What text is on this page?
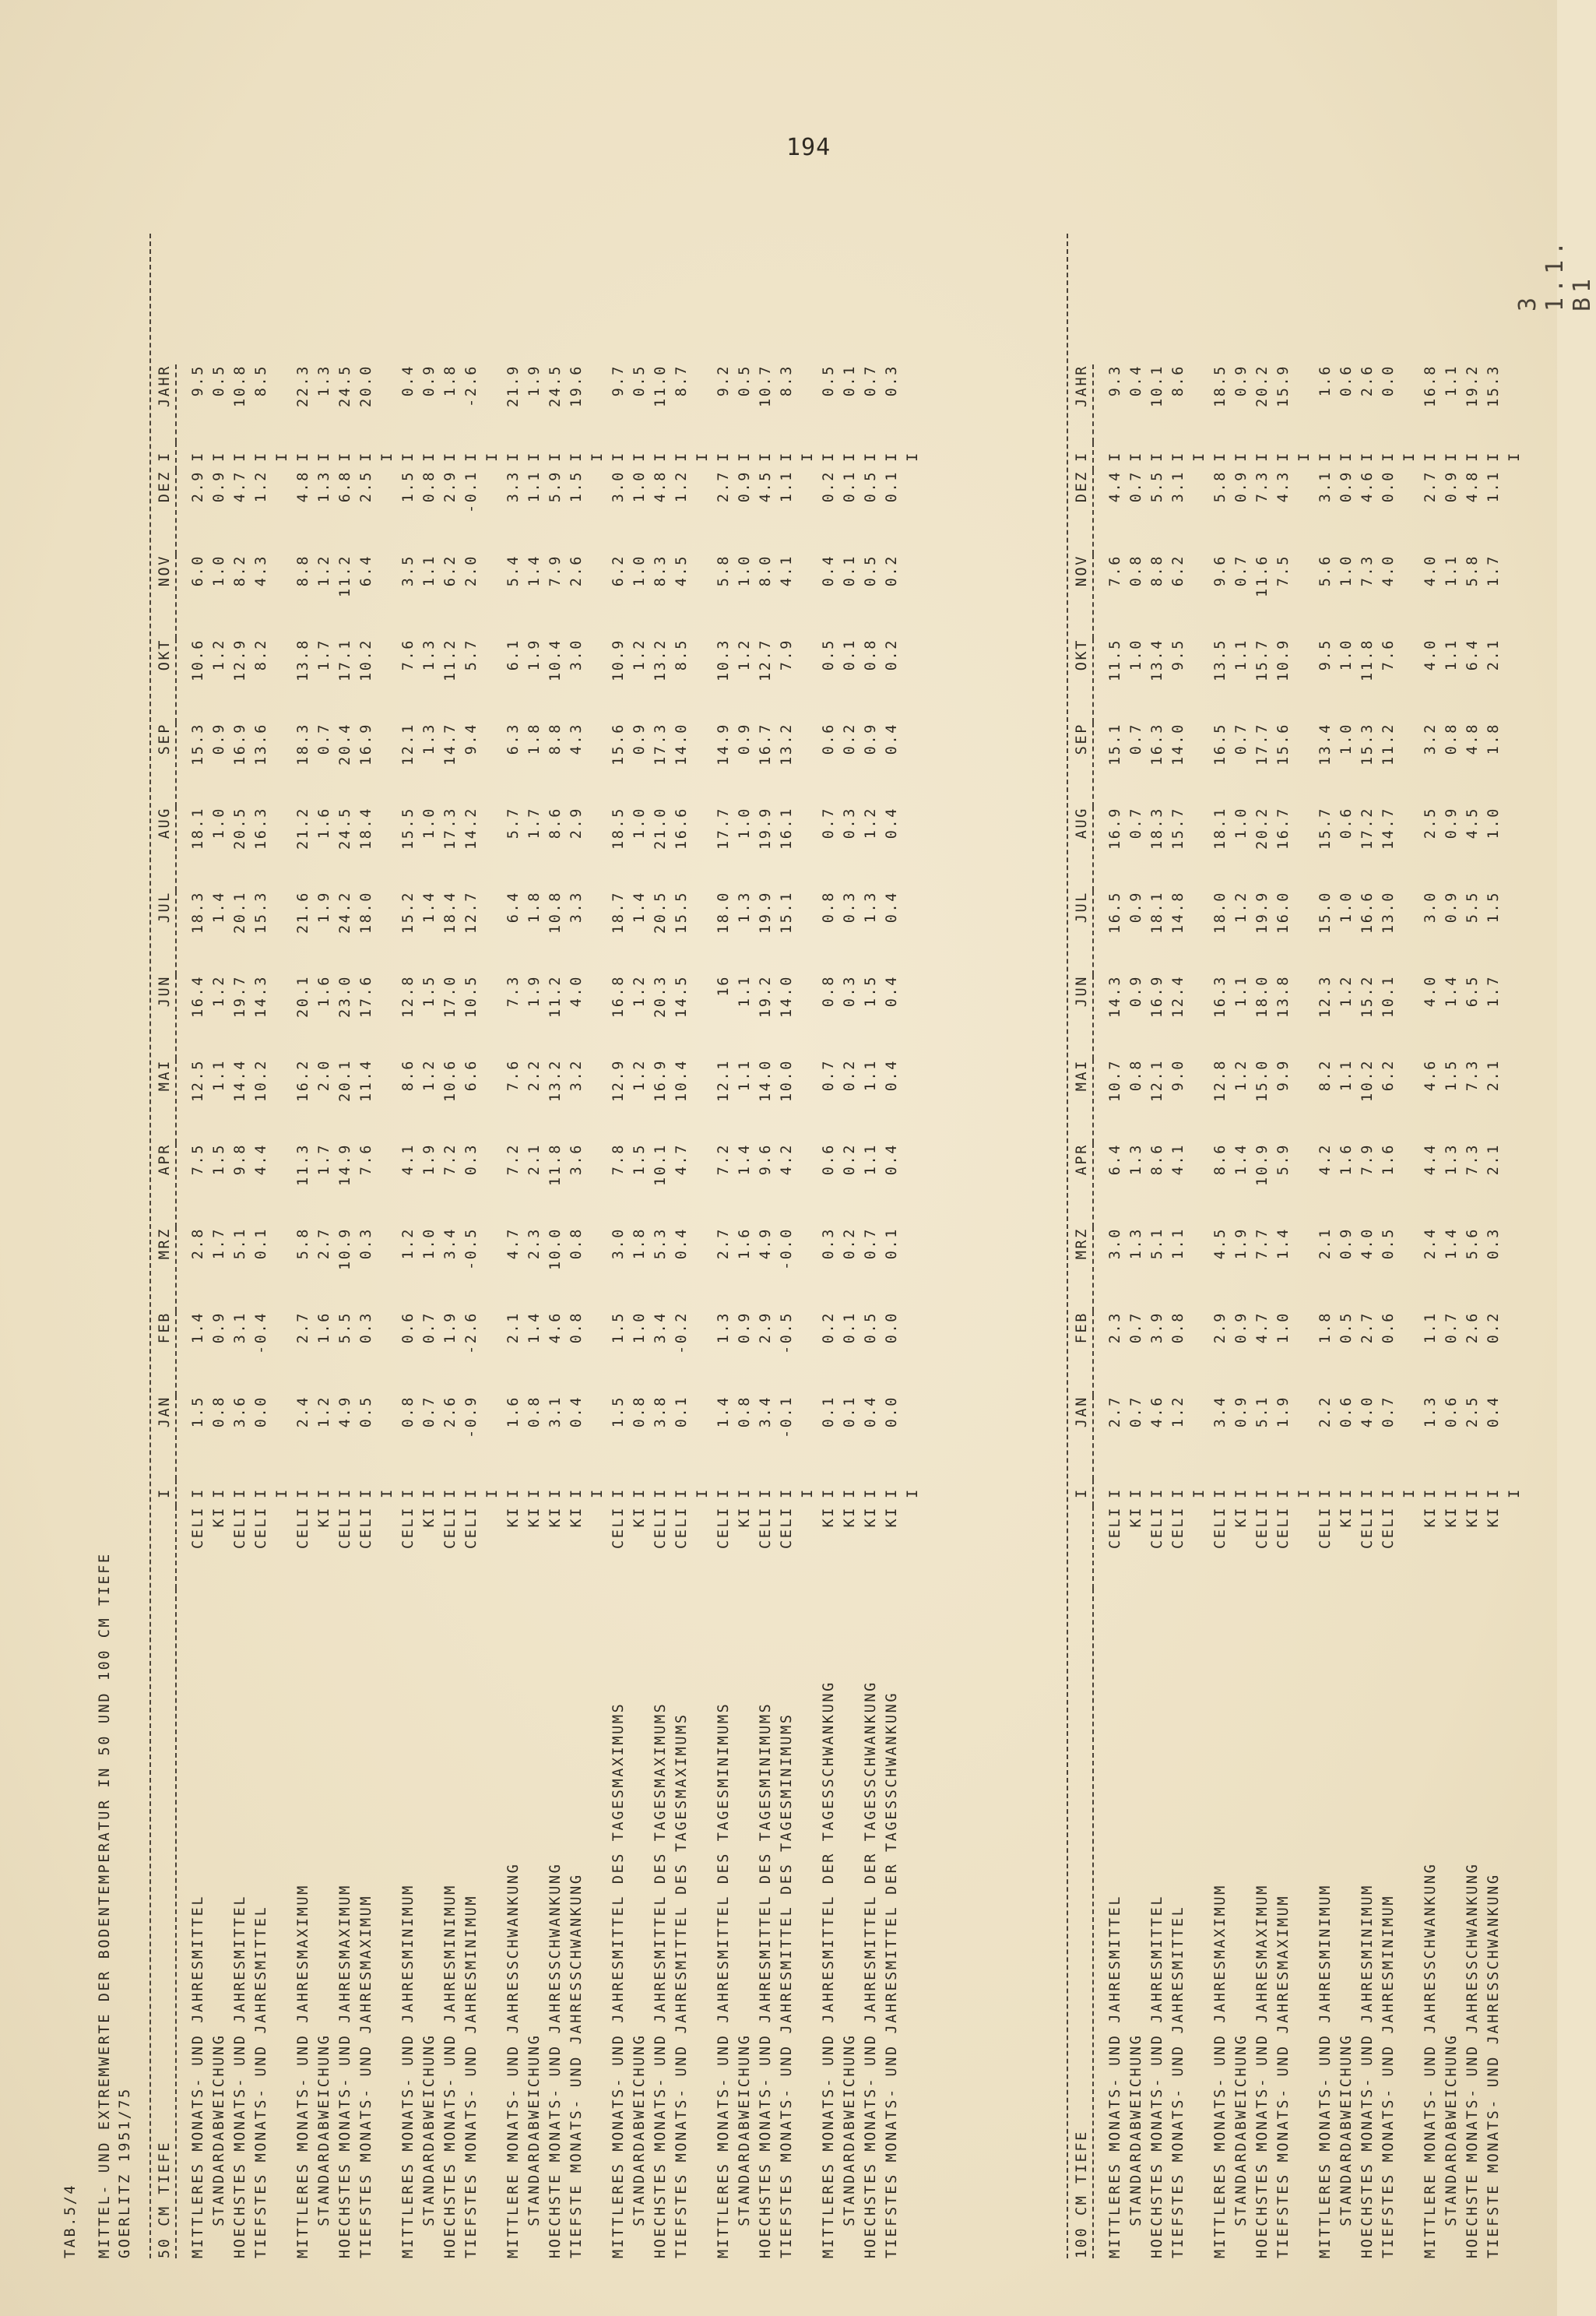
194
3 1.1. B1
TAB.5/4 MITTEL- UND EXTREMWERTE DER BODENTEMPERATUR IN 50 UND 100 CM TIEFE GOERLITZ 1951/75 50 CM TIEFE		I	JAN	FEB	MRZ	APR	MAI	JUN	JUL	AUG	SEP	OKT	NOV	DEZ	I	JAHR

MITTLERES MONATS- UND JAHRESMITTEL	CELI	I	1.5	1.4	2.8	7.5	12.5	16.4	18.3	18.1	15.3	10.6	6.0	2.9	I	9.5
STANDARDABWEICHUNG	KI	I	0.8	0.9	1.7	1.5	1.1	1.2	1.4	1.0	0.9	1.2	1.0	0.9	I	0.5
HOECHSTES MONATS- UND JAHRESMITTEL	CELI	I	3.6	3.1	5.1	9.8	14.4	19.7	20.1	20.5	16.9	12.9	8.2	4.7	I	10.8
TIEFSTES MONATS- UND JAHRESMITTEL	CELI	I	0.0	-0.4	0.1	4.4	10.2	14.3	15.3	16.3	13.6	8.2	4.3	1.2	I	8.5
		I													I	
MITTLERES MONATS- UND JAHRESMAXIMUM	CELI	I	2.4	2.7	5.8	11.3	16.2	20.1	21.6	21.2	18.3	13.8	8.8	4.8	I	22.3
STANDARDABWEICHUNG	KI	I	1.2	1.6	2.7	1.7	2.0	1.6	1.9	1.6	0.7	1.7	1.2	1.3	I	1.3
HOECHSTES MONATS- UND JAHRESMAXIMUM	CELI	I	4.9	5.5	10.9	14.9	20.1	23.0	24.2	24.5	20.4	17.1	11.2	6.8	I	24.5
TIEFSTES MONATS- UND JAHRESMAXIMUM	CELI	I	0.5	0.3	0.3	7.6	11.4	17.6	18.0	18.4	16.9	10.2	6.4	2.5	I	20.0
		I													I	
MITTLERES MONATS- UND JAHRESMINIMUM	CELI	I	0.8	0.6	1.2	4.1	8.6	12.8	15.2	15.5	12.1	7.6	3.5	1.5	I	0.4
STANDARDABWEICHUNG	KI	I	0.7	0.7	1.0	1.9	1.2	1.5	1.4	1.0	1.3	1.3	1.1	0.8	I	0.9
HOECHSTES MONATS- UND JAHRESMINIMUM	CELI	I	2.6	1.9	3.4	7.2	10.6	17.0	18.4	17.3	14.7	11.2	6.2	2.9	I	1.8
TIEFSTES MONATS- UND JAHRESMINIMUM	CELI	I	-0.9	-2.6	-0.5	0.3	6.6	10.5	12.7	14.2	9.4	5.7	2.0	-0.1	I	-2.6
		I													I	
MITTLERE MONATS- UND JAHRESSCHWANKUNG	KI	I	1.6	2.1	4.7	7.2	7.6	7.3	6.4	5.7	6.3	6.1	5.4	3.3	I	21.9
STANDARDABWEICHUNG	KI	I	0.8	1.4	2.3	2.1	2.2	1.9	1.8	1.7	1.8	1.9	1.4	1.1	I	1.9
HOECHSTE MONATS- UND JAHRESSCHWANKUNG	KI	I	3.1	4.6	10.0	11.8	13.2	11.2	10.8	8.6	8.8	10.4	7.9	5.9	I	24.5
TIEFSTE MONATS- UND JAHRESSCHWANKUNG	KI	I	0.4	0.8	0.8	3.6	3.2	4.0	3.3	2.9	4.3	3.0	2.6	1.5	I	19.6
		I													I	
MITTLERES MONATS- UND JAHRESMITTEL DES TAGESMAXIMUMS	CELI	I	1.5	1.5	3.0	7.8	12.9	16.8	18.7	18.5	15.6	10.9	6.2	3.0	I	9.7
STANDARDABWEICHUNG	KI	I	0.8	1.0	1.8	1.5	1.2	1.2	1.4	1.0	0.9	1.2	1.0	1.0	I	0.5
HOECHSTES MONATS- UND JAHRESMITTEL DES TAGESMAXIMUMS	CELI	I	3.8	3.4	5.3	10.1	16.9	20.3	20.5	21.0	17.3	13.2	8.3	4.8	I	11.0
TIEFSTES MONATS- UND JAHRESMITTEL DES TAGESMAXIMUMS	CELI	I	0.1	-0.2	0.4	4.7	10.4	14.5	15.5	16.6	14.0	8.5	4.5	1.2	I	8.7
		I													I	
MITTLERES MONATS- UND JAHRESMITTEL DES TAGESMINIMUMS	CELI	I	1.4	1.3	2.7	7.2	12.1	16	18.0	17.7	14.9	10.3	5.8	2.7	I	9.2
STANDARDABWEICHUNG	KI	I	0.8	0.9	1.6	1.4	1.1	1.1	1.3	1.0	0.9	1.2	1.0	0.9	I	0.5
HOECHSTES MONATS- UND JAHRESMITTEL DES TAGESMINIMUMS	CELI	I	3.4	2.9	4.9	9.6	14.0	19.2	19.9	19.9	16.7	12.7	8.0	4.5	I	10.7
TIEFSTES MONATS- UND JAHRESMITTEL DES TAGESMINIMUMS	CELI	I	-0.1	-0.5	-0.0	4.2	10.0	14.0	15.1	16.1	13.2	7.9	4.1	1.1	I	8.3
		I													I	
MITTLERES MONATS- UND JAHRESMITTEL DER TAGESSCHWANKUNG	KI	I	0.1	0.2	0.3	0.6	0.7	0.8	0.8	0.7	0.6	0.5	0.4	0.2	I	0.5
STANDARDABWEICHUNG	KI	I	0.1	0.1	0.2	0.2	0.2	0.3	0.3	0.3	0.2	0.1	0.1	0.1	I	0.1
HOECHSTES MONATS- UND JAHRESMITTEL DER TAGESSCHWANKUNG	KI	I	0.4	0.5	0.7	1.1	1.1	1.5	1.3	1.2	0.9	0.8	0.5	0.5	I	0.7
TIEFSTES MONATS- UND JAHRESMITTEL DER TAGESSCHWANKUNG	KI	I	0.0	0.0	0.1	0.4	0.4	0.4	0.4	0.4	0.4	0.2	0.2	0.1	I	0.3
		I													I	
100 CM TIEFE		I	JAN	FEB	MRZ	APR	MAI	JUN	JUL	AUG	SEP	OKT	NOV	DEZ	I	JAHR

MITTLERES MONATS- UND JAHRESMITTEL	CELI	I	2.7	2.3	3.0	6.4	10.7	14.3	16.5	16.9	15.1	11.5	7.6	4.4	I	9.3
STANDARDABWEICHUNG	KI	I	0.7	0.7	1.3	1.3	0.8	0.9	0.9	0.7	0.7	1.0	0.8	0.7	I	0.4
HOECHSTES MONATS- UND JAHRESMITTEL	CELI	I	4.6	3.9	5.1	8.6	12.1	16.9	18.1	18.3	16.3	13.4	8.8	5.5	I	10.1
TIEFSTES MONATS- UND JAHRESMITTEL	CELI	I	1.2	0.8	1.1	4.1	9.0	12.4	14.8	15.7	14.0	9.5	6.2	3.1	I	8.6
		I													I	
MITTLERES MONATS- UND JAHRESMAXIMUM	CELI	I	3.4	2.9	4.5	8.6	12.8	16.3	18.0	18.1	16.5	13.5	9.6	5.8	I	18.5
STANDARDABWEICHUNG	KI	I	0.9	0.9	1.9	1.4	1.2	1.1	1.2	1.0	0.7	1.1	0.7	0.9	I	0.9
HOECHSTES MONATS- UND JAHRESMAXIMUM	CELI	I	5.1	4.7	7.7	10.9	15.0	18.0	19.9	20.2	17.7	15.7	11.6	7.3	I	20.2
TIEFSTES MONATS- UND JAHRESMAXIMUM	CELI	I	1.9	1.0	1.4	5.9	9.9	13.8	16.0	16.7	15.6	10.9	7.5	4.3	I	15.9
		I													I	
MITTLERES MONATS- UND JAHRESMINIMUM	CELI	I	2.2	1.8	2.1	4.2	8.2	12.3	15.0	15.7	13.4	9.5	5.6	3.1	I	1.6
STANDARDABWEICHUNG	KI	I	0.6	0.5	0.9	1.6	1.1	1.2	1.0	0.6	1.0	1.0	1.0	0.9	I	0.6
HOECHSTES MONATS- UND JAHRESMINIMUM	CELI	I	4.0	2.7	4.0	7.9	10.2	15.2	16.6	17.2	15.3	11.8	7.3	4.6	I	2.6
TIEFSTES MONATS- UND JAHRESMINIMUM	CELI	I	0.7	0.6	0.5	1.6	6.2	10.1	13.0	14.7	11.2	7.6	4.0	0.0	I	0.0
		I													I	
MITTLERE MONATS- UND JAHRESSCHWANKUNG	KI	I	1.3	1.1	2.4	4.4	4.6	4.0	3.0	2.5	3.2	4.0	4.0	2.7	I	16.8
STANDARDABWEICHUNG	KI	I	0.6	0.7	1.4	1.3	1.5	1.4	0.9	0.9	0.8	1.1	1.1	0.9	I	1.1
HOECHSTE MONATS- UND JAHRESSCHWANKUNG	KI	I	2.5	2.6	5.6	7.3	7.3	6.5	5.5	4.5	4.8	6.4	5.8	4.8	I	19.2
TIEFSTE MONATS- UND JAHRESSCHWANKUNG	KI	I	0.4	0.2	0.3	2.1	2.1	1.7	1.5	1.0	1.8	2.1	1.7	1.1	I	15.3
		I													I	
